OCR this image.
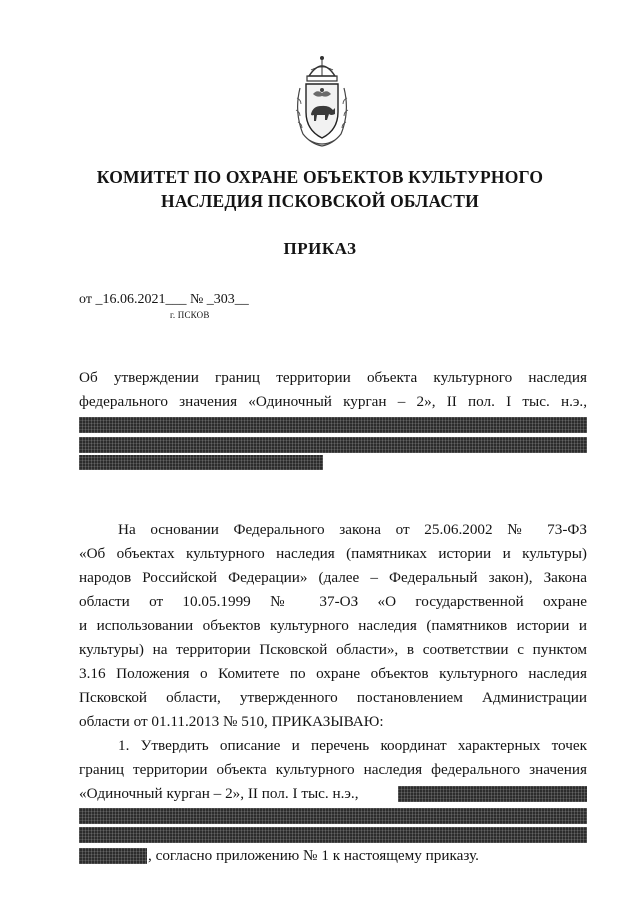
КОМИТЕТ ПО ОХРАНЕ ОБЪЕКТОВ КУЛЬТУРНОГО
НАСЛЕДИЯ ПСКОВСКОЙ ОБЛАСТИ
ПРИКАЗ
от _16.06.2021___ № _303__
г. ПСКОВ
Об утверждении границ территории объекта культурного наследия
федерального значения «Одиночный курган – 2», II пол. I тыс. н.э.,
На основании Федерального закона от 25.06.2002 № 73-ФЗ
«Об объектах культурного наследия (памятниках истории и культуры)
народов Российской Федерации» (далее – Федеральный закон), Закона
области от 10.05.1999 № 37-ОЗ «О государственной охране
и использовании объектов культурного наследия (памятников истории и
культуры) на территории Псковской области», в соответствии с пунктом
3.16 Положения о Комитете по охране объектов культурного наследия
Псковской области, утвержденного постановлением Администрации
области от 01.11.2013 № 510, ПРИКАЗЫВАЮ:
1. Утвердить описание и перечень координат характерных точек
границ территории объекта культурного наследия федерального значения
«Одиночный курган – 2», II пол. I тыс. н.э.,
, согласно приложению № 1 к настоящему приказу.
